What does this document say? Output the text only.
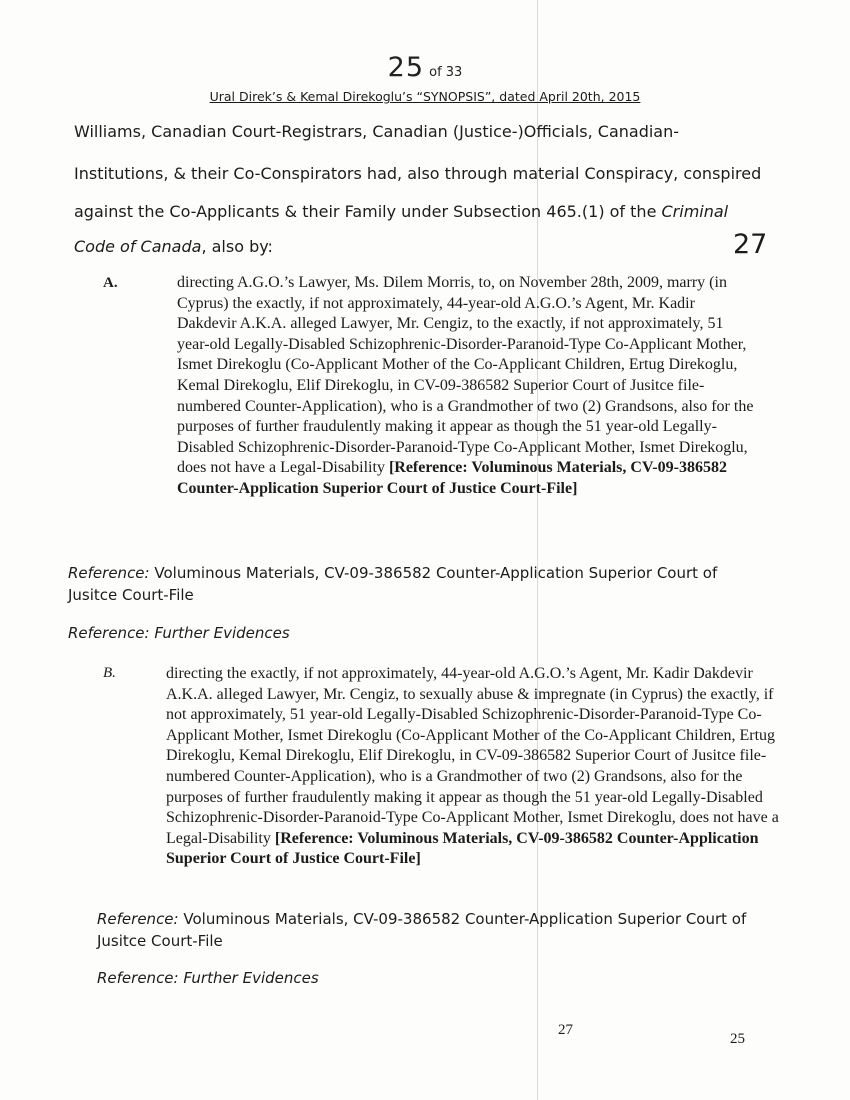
25 of 33
Ural Direk’s & Kemal Direkoglu’s “SYNOPSIS”, dated April 20th, 2015
Williams, Canadian Court-Registrars, Canadian (Justice-)Officials, Canadian-
Institutions, & their Co-Conspirators had, also through material Conspiracy, conspired
against the Co-Applicants & their Family under Subsection 465.(1) of the Criminal
Code of Canada, also by:	27
A.	directing A.G.O.’s Lawyer, Ms. Dilem Morris, to, on November 28th, 2009, marry (in Cyprus) the exactly, if not approximately, 44-year-old A.G.O.’s Agent, Mr. Kadir Dakdevir A.K.A. alleged Lawyer, Mr. Cengiz, to the exactly, if not approximately, 51 year-old Legally-Disabled Schizophrenic-Disorder-Paranoid-Type Co-Applicant Mother, Ismet Direkoglu (Co-Applicant Mother of the Co-Applicant Children, Ertug Direkoglu, Kemal Direkoglu, Elif Direkoglu, in CV-09-386582 Superior Court of Jusitce file-numbered Counter-Application), who is a Grandmother of two (2) Grandsons, also for the purposes of further fraudulently making it appear as though the 51 year-old Legally-Disabled Schizophrenic-Disorder-Paranoid-Type Co-Applicant Mother, Ismet Direkoglu, does not have a Legal-Disability [Reference: Voluminous Materials, CV-09-386582 Counter-Application Superior Court of Justice Court-File]
Reference: Voluminous Materials, CV-09-386582 Counter-Application Superior Court of Jusitce Court-File
Reference: Further Evidences
B.	directing the exactly, if not approximately, 44-year-old A.G.O.’s Agent, Mr. Kadir Dakdevir A.K.A. alleged Lawyer, Mr. Cengiz, to sexually abuse & impregnate (in Cyprus) the exactly, if not approximately, 51 year-old Legally-Disabled Schizophrenic-Disorder-Paranoid-Type Co-Applicant Mother, Ismet Direkoglu (Co-Applicant Mother of the Co-Applicant Children, Ertug Direkoglu, Kemal Direkoglu, Elif Direkoglu, in CV-09-386582 Superior Court of Jusitce file-numbered Counter-Application), who is a Grandmother of two (2) Grandsons, also for the purposes of further fraudulently making it appear as though the 51 year-old Legally-Disabled Schizophrenic-Disorder-Paranoid-Type Co-Applicant Mother, Ismet Direkoglu, does not have a Legal-Disability [Reference: Voluminous Materials, CV-09-386582 Counter-Application Superior Court of Justice Court-File]
Reference: Voluminous Materials, CV-09-386582 Counter-Application Superior Court of Jusitce Court-File
Reference: Further Evidences
27
25
